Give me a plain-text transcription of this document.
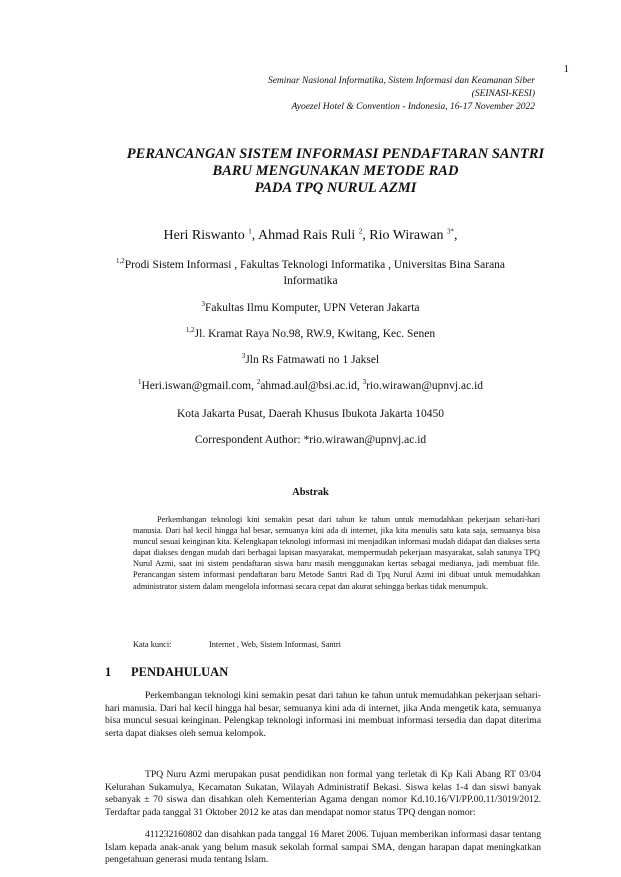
1
Seminar Nasional Informatika, Sistem Informasi dan Keamanan Siber
(SEINASI-KESI)
Ayoezel Hotel & Convention - Indonesia, 16-17 November 2022
PERANCANGAN SISTEM INFORMASI PENDAFTARAN SANTRI
BARU MENGUNAKAN METODE RAD
PADA TPQ NURUL AZMI
Heri Riswanto $^1$, Ahmad Rais Ruli $^2$, Rio Wirawan $^{3*}$,
$^{1,2}$Prodi Sistem Informasi , Fakultas Teknologi Informatika , Universitas Bina Sarana
Informatika
$^3$Fakultas Ilmu Komputer, UPN Veteran Jakarta
$^{1,2}$Jl. Kramat Raya No.98, RW.9, Kwitang, Kec. Senen
$^3$Jln Rs Fatmawati no 1 Jaksel
$^1$Heri.iswan@gmail.com, $^2$ahmad.aul@bsi.ac.id, $^3$rio.wirawan@upnvj.ac.id
Kota Jakarta Pusat, Daerah Khusus Ibukota Jakarta 10450
Correspondent Author: *rio.wirawan@upnvj.ac.id
Abstrak
Perkembangan teknologi kini semakin pesat dari tahun ke tahun untuk memudahkan pekerjaan sehari-hari manusia. Dari hal kecil hingga hal besar, semuanya kini ada di internet, jika kita menulis satu kata saja, semuanya bisa muncul sesuai keinginan kita. Kelengkapan teknologi informasi ini menjadikan informasi mudah didapat dan diakses serta dapat diakses dengan mudah dari berbagai lapisan masyarakat, mempermudah pekerjaan masyarakat, salah satunya TPQ Nurul Azmi, saat ini sistem pendaftaran siswa baru masih menggunakan kertas sebagai medianya, jadi membuat file. Perancangan sistem informasi pendaftaran baru Metode Santri Rad di Tpq Nurul Azmi ini dibuat untuk memudahkan administrator sistem dalam mengelola informasi secara cepat dan akurat sehingga berkas tidak menumpuk.
Kata kunci:	Internet , Web, Sistem Informasi, Santri
1 PENDAHULUAN
Perkembangan teknologi kini semakin pesat dari tahun ke tahun untuk memudahkan pekerjaan sehari-hari manusia. Dari hal kecil hingga hal besar, semuanya kini ada di internet, jika Anda mengetik kata, semuanya bisa muncul sesuai keinginan. Pelengkap teknologi informasi ini membuat informasi tersedia dan dapat diterima serta dapat diakses oleh semua kelompok.
TPQ Nuru Azmi merupakan pusat pendidikan non formal yang terletak di Kp Kali Abang RT 03/04 Kelurahan Sukamulya, Kecamatan Sukatan, Wilayah Administratif Bekasi. Siswa kelas 1-4 dan siswi banyak sebanyak ± 70 siswa dan disahkan oleh Kementerian Agama dengan nomor Kd.10.16/VI/PP.00.11/3019/2012. Terdaftar pada tanggal 31 Oktober 2012 ke atas dan mendapat nomor status TPQ dengan nomor:
411232160802 dan disahkan pada tanggal 16 Maret 2006. Tujuan memberikan informasi dasar tentang Islam kepada anak-anak yang belum masuk sekolah formal sampai SMA, dengan harapan dapat meningkatkan pengetahuan generasi muda tentang Islam.
